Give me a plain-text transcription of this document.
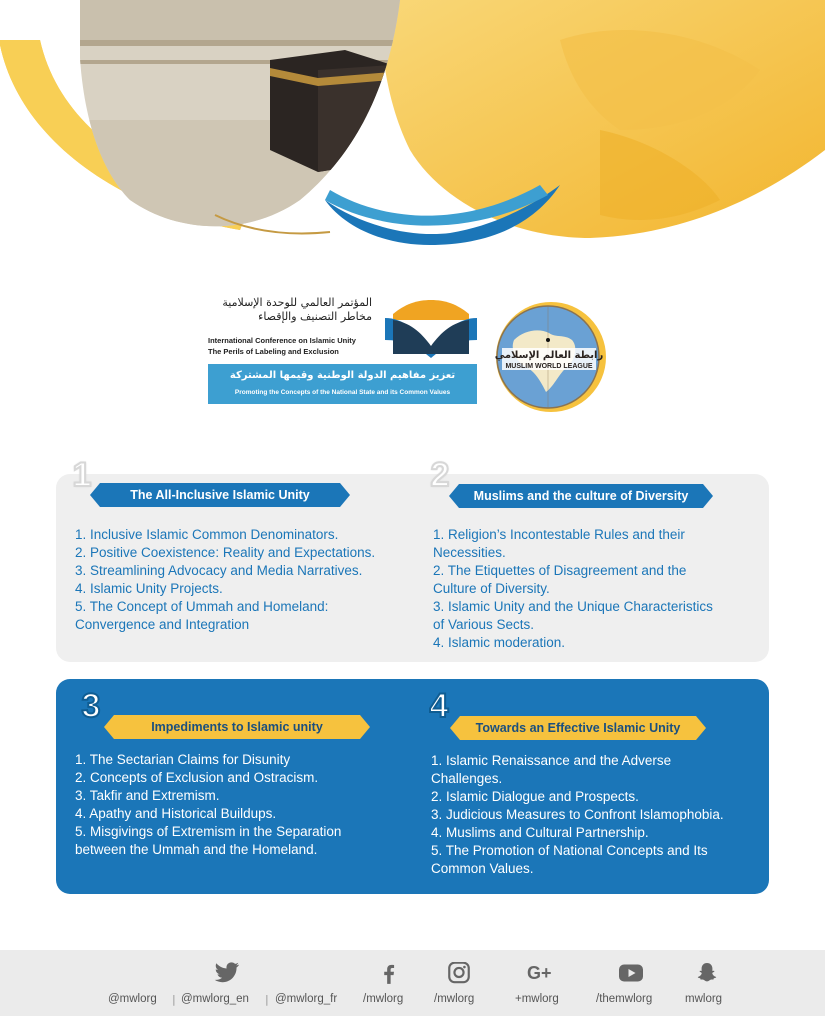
المؤتمر العالمي للوحدة الإسلامية
مخاطر التصنيف والإقصاء
International Conference on Islamic Unity
The Perils of Labeling and Exclusion
تعزيز مفاهيم الدولة الوطنية وقيمها المشتركة
Promoting the Concepts of the National State and its Common Values
رابطة العالم الإسلامي
MUSLIM WORLD LEAGUE
1
The All-Inclusive Islamic Unity
1. Inclusive Islamic Common Denominators.
2. Positive Coexistence: Reality and Expectations.
3. Streamlining Advocacy and Media Narratives.
4. Islamic Unity Projects.
5. The Concept of Ummah and Homeland:
Convergence and Integration
2
Muslims and the culture of Diversity
1. Religion’s Incontestable Rules and their
Necessities.
2. The Etiquettes of Disagreement and the
Culture of Diversity.
3. Islamic Unity and the Unique Characteristics
of Various Sects.
4. Islamic moderation.
3
Impediments to Islamic unity
1. The Sectarian Claims for Disunity
2. Concepts of Exclusion and Ostracism.
3. Takfir and Extremism.
4. Apathy and Historical Buildups.
5. Misgivings of Extremism in the Separation
between the Ummah and the Homeland.
4
Towards an Effective Islamic Unity
1. Islamic Renaissance and the Adverse
Challenges.
2. Islamic Dialogue and Prospects.
3. Judicious Measures to Confront Islamophobia.
4. Muslims and Cultural Partnership.
5. The Promotion of National Concepts and Its
Common Values.
@mwlorg | @mwlorg_en | @mwlorg_fr /mwlorg	/mwlorg
G+
+mwlorg	/themwlorg	mwlorg
